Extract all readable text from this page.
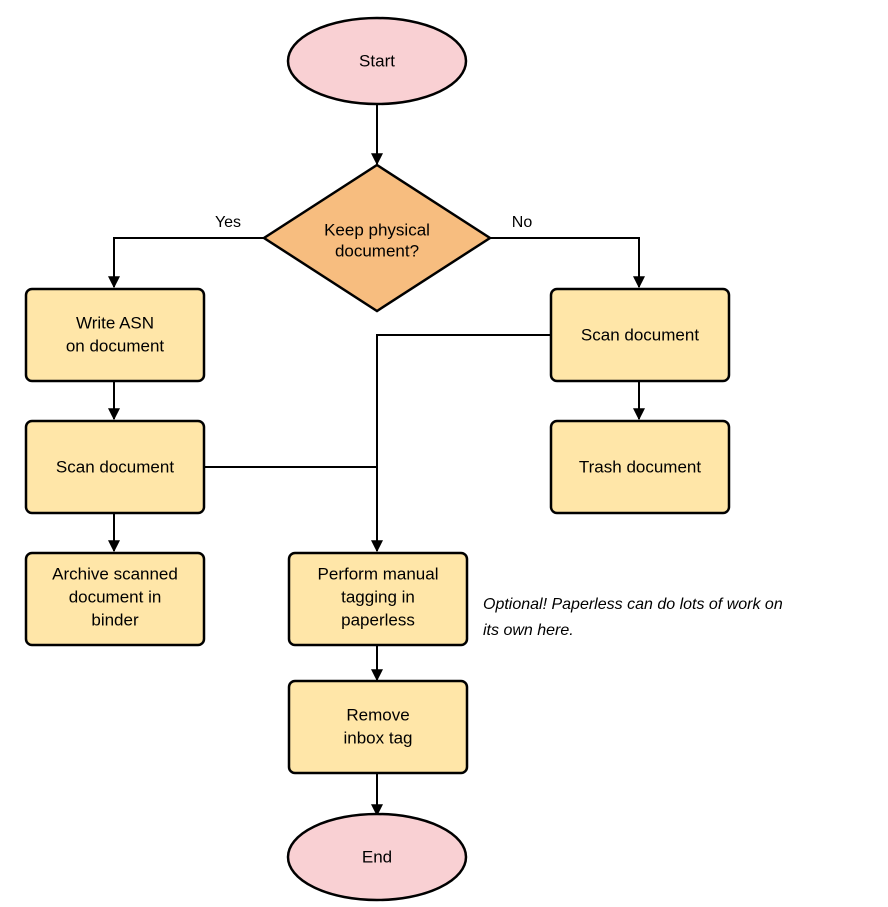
Start
Keep physical
document?
Yes	No
Write ASN
on document
Scan document
Archive scanned
document in
binder
Scan document
Trash document
Perform manual
tagging in
paperless
Remove
inbox tag
End
Optional! Paperless can do lots of work on
its own here.
